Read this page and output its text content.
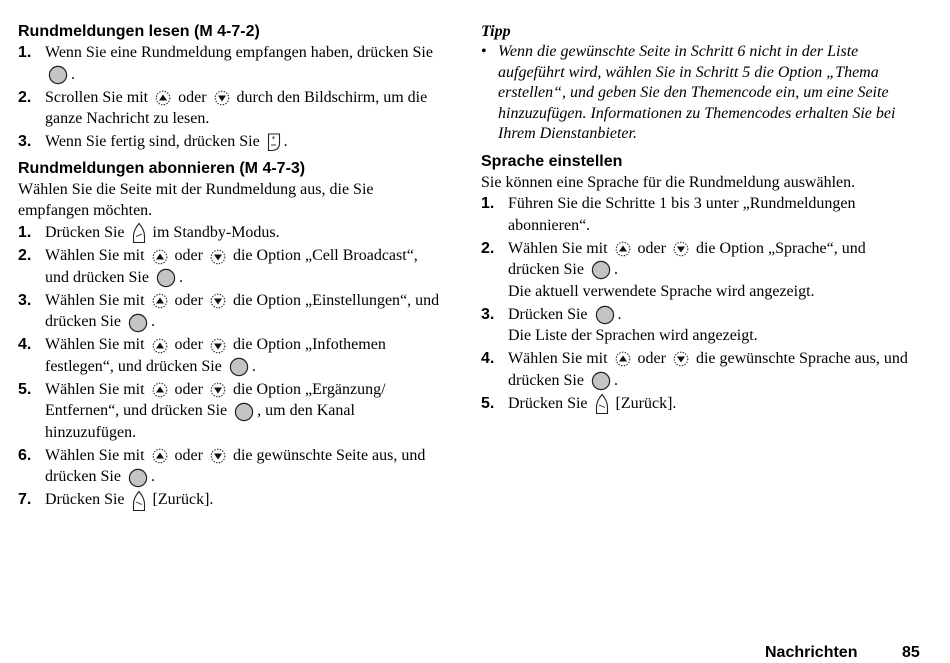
Rundmeldungen lesen (M 4-7-2)
1. Wenn Sie eine Rundmeldung empfangen haben, drücken Sie
.
2. Scrollen Sie mit oder durch den Bildschirm, um die ganze Nachricht zu lesen.
3. Wenn Sie fertig sind, drücken Sie * .
Rundmeldungen abonnieren (M 4-7-3)

Wählen Sie die Seite mit der Rundmeldung aus, die Sie empfangen möchten.

1. Drücken Sie im Standby-Modus.
2. Wählen Sie mit oder die Option „Cell Broadcast“, und drücken Sie .
3. Wählen Sie mit oder die Option „Einstellungen“, und drücken Sie .
4. Wählen Sie mit oder die Option „Infothemen festlegen“, und drücken Sie .
5. Wählen Sie mit oder die Option „Ergänzung/ Entfernen“, und drücken Sie , um den Kanal hinzuzufügen.
6. Wählen Sie mit oder die gewünschte Seite aus, und drücken Sie .
7. Drücken Sie [Zurück].
Tipp
• Wenn die gewünschte Seite in Schritt 6 nicht in der Liste aufgeführt wird, wählen Sie in Schritt 5 die Option „Thema erstellen“, und geben Sie den Themencode ein, um eine Seite hinzuzufügen. Informationen zu Themencodes erhalten Sie bei Ihrem Dienstanbieter.
Sprache einstellen

Sie können eine Sprache für die Rundmeldung auswählen.

1. Führen Sie die Schritte 1 bis 3 unter „Rundmeldungen abonnieren“.
2. Wählen Sie mit oder die Option „Sprache“, und drücken Sie .
Die aktuell verwendete Sprache wird angezeigt.
3. Drücken Sie .
Die Liste der Sprachen wird angezeigt.
4. Wählen Sie mit oder die gewünschte Sprache aus, und drücken Sie .
5. Drücken Sie [Zurück].
Nachrichten	85
